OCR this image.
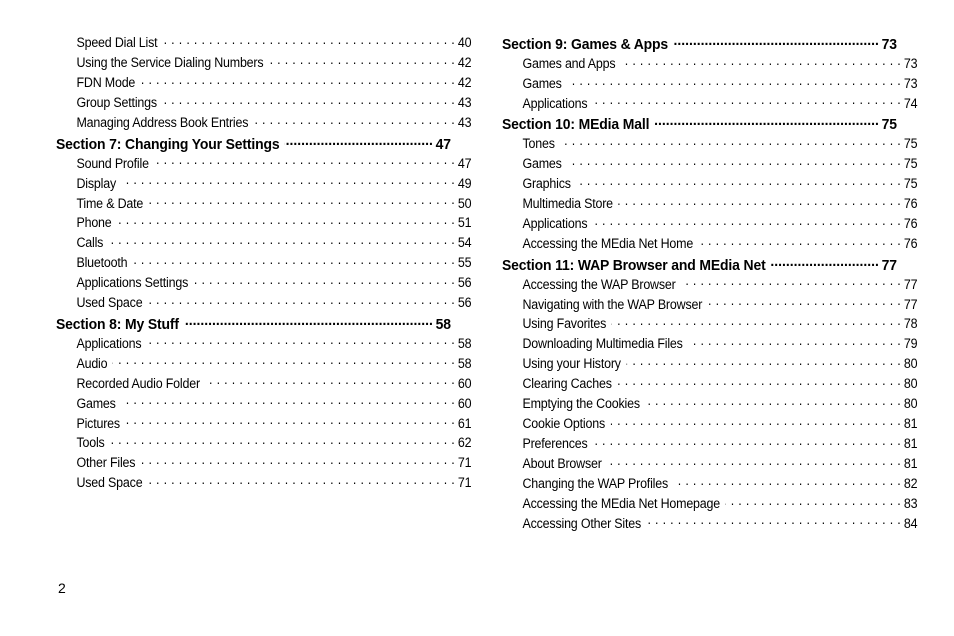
Speed Dial List . . .	40
Using the Service Dialing Numbers . . .	42
FDN Mode . . .	42
Group Settings . . .	43
Managing Address Book Entries . . .	43
Section 7: Changing Your Settings .....	47
Sound Profile . . .	47
Display . . .	49
Time & Date . . .	50
Phone . . .	51
Calls . . .	54
Bluetooth . . .	55
Applications Settings . . .	56
Used Space . . .	56
Section 8: My Stuff .....	58
Applications . . .	58
Audio . . .	58
Recorded Audio Folder . . .	60
Games . . .	60
Pictures . . .	61
Tools . . .	62
Other Files . . .	71
Used Space . . .	71
Section 9: Games & Apps .....	73
Games and Apps . . .	73
Games . . .	73
Applications . . .	74
Section 10: MEdia Mall .....	75
Tones . . .	75
Games . . .	75
Graphics . . .	75
Multimedia Store . . .	76
Applications . . .	76
Accessing the MEdia Net Home . . .	76
Section 11: WAP Browser and MEdia Net .....	77
Accessing the WAP Browser . . .	77
Navigating with the WAP Browser . . .	77
Using Favorites . . .	78
Downloading Multimedia Files . . .	79
Using your History . . .	80
Clearing Caches . . .	80
Emptying the Cookies . . .	80
Cookie Options . . .	81
Preferences . . .	81
About Browser . . .	81
Changing the WAP Profiles . . .	82
Accessing the MEdia Net Homepage . . .	83
Accessing Other Sites . . .	84
2
